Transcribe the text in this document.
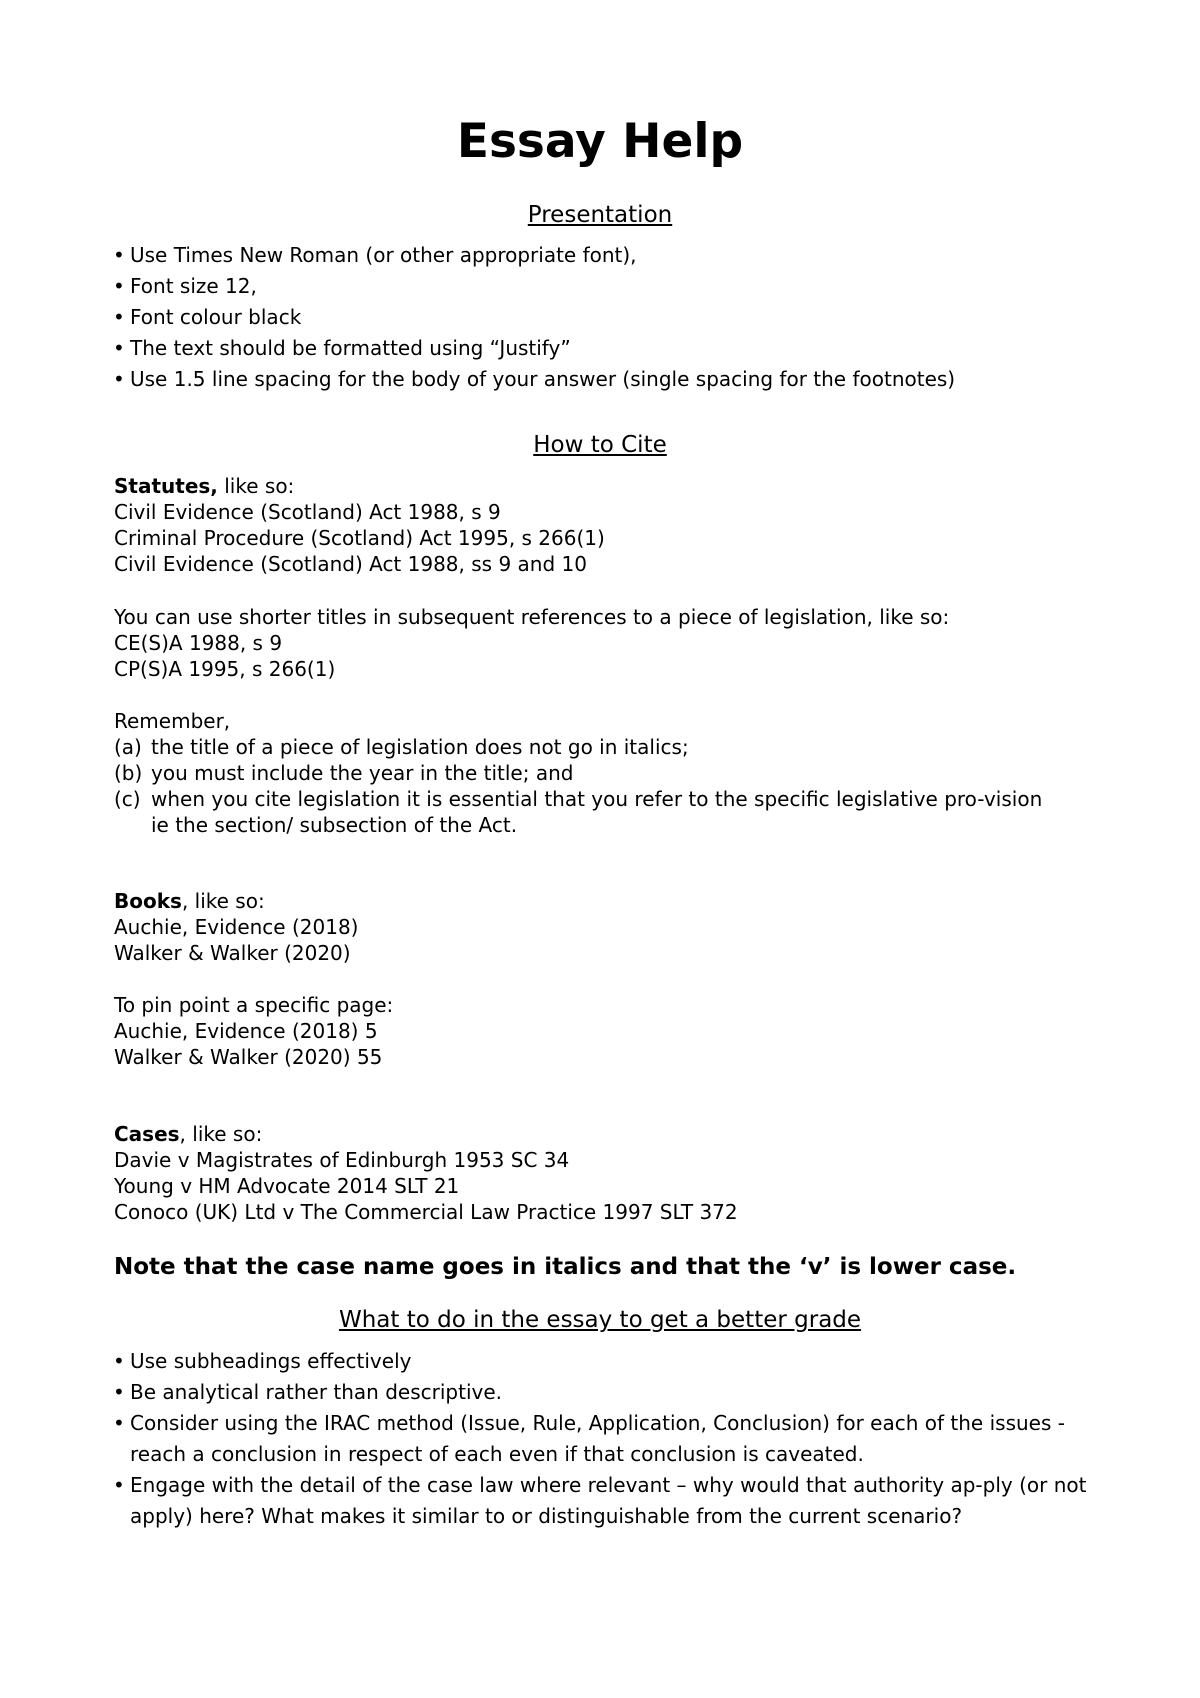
Essay Help
Presentation
• Use Times New Roman (or other appropriate font),
• Font size 12,
• Font colour black
• The text should be formatted using “Justify”
• Use 1.5 line spacing for the body of your answer (single spacing for the footnotes)
How to Cite
Statutes, like so:
Civil Evidence (Scotland) Act 1988, s 9
Criminal Procedure (Scotland) Act 1995, s 266(1)
Civil Evidence (Scotland) Act 1988, ss 9 and 10
You can use shorter titles in subsequent references to a piece of legislation, like so:
CE(S)A 1988, s 9
CP(S)A 1995, s 266(1)
Remember,
(a) the title of a piece of legislation does not go in italics;
(b) you must include the year in the title; and
(c) when you cite legislation it is essential that you refer to the specific legislative pro-vision ie the section/ subsection of the Act.
Books, like so:
Auchie, Evidence (2018)
Walker & Walker (2020)
To pin point a specific page:
Auchie, Evidence (2018) 5
Walker & Walker (2020) 55
Cases, like so:
Davie v Magistrates of Edinburgh 1953 SC 34
Young v HM Advocate 2014 SLT 21
Conoco (UK) Ltd v The Commercial Law Practice 1997 SLT 372
Note that the case name goes in italics and that the ‘v’ is lower case.
What to do in the essay to get a better grade
• Use subheadings effectively
• Be analytical rather than descriptive.
• Consider using the IRAC method (Issue, Rule, Application, Conclusion) for each of the issues - reach a conclusion in respect of each even if that conclusion is caveated.
• Engage with the detail of the case law where relevant – why would that authority ap-ply (or not apply) here? What makes it similar to or distinguishable from the current scenario?
